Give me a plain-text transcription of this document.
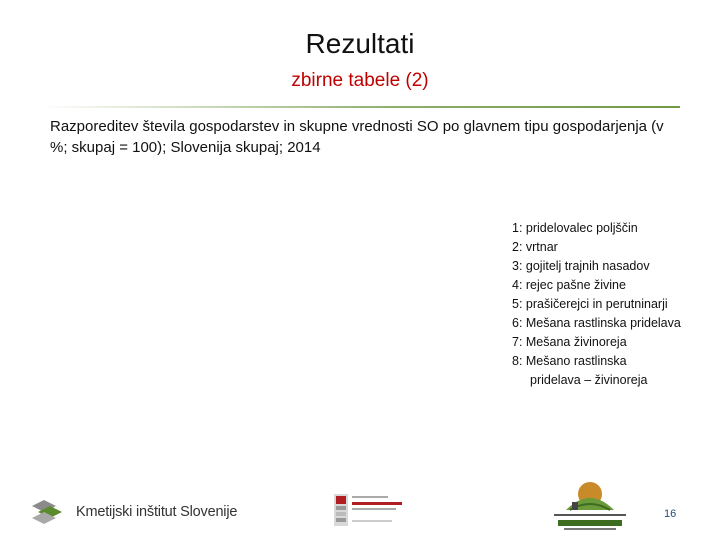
Rezultati
zbirne tabele (2)
Razporeditev števila gospodarstev in skupne vrednosti SO po glavnem tipu gospodarjenja (v %; skupaj = 100); Slovenija skupaj; 2014
1: pridelovalec poljščin
2: vrtnar
3: gojitelj trajnih nasadov
4: rejec pašne živine
5: prašičerejci in perutninarji
6: Mešana rastlinska pridelava
7: Mešana živinoreja
8: Mešano rastlinska
pridelava – živinoreja
Kmetijski inštitut Slovenije	16
